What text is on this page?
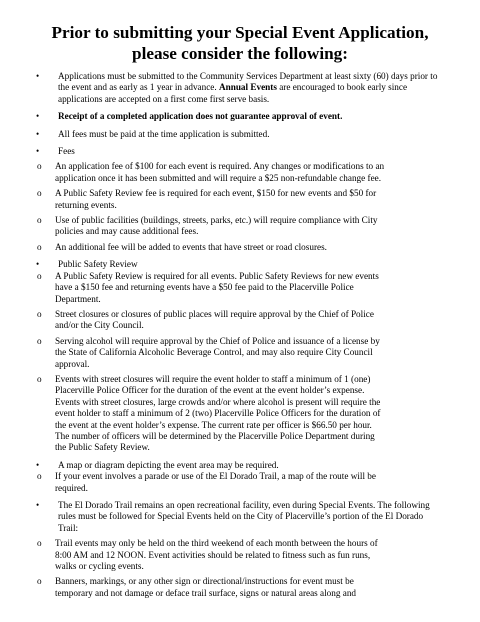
Prior to submitting your Special Event Application,
please consider the following:
• Applications must be submitted to the Community Services Department at least sixty (60) days prior to the event and as early as 1 year in advance. Annual Events are encouraged to book early since applications are accepted on a first come first serve basis.
• Receipt of a completed application does not guarantee approval of event.
• All fees must be paid at the time application is submitted.
• Fees
o An application fee of $100 for each event is required. Any changes or modifications to an application once it has been submitted and will require a $25 non-refundable change fee.
o A Public Safety Review fee is required for each event, $150 for new events and $50 for returning events.
o Use of public facilities (buildings, streets, parks, etc.) will require compliance with City policies and may cause additional fees.
o An additional fee will be added to events that have street or road closures.
• Public Safety Review
o A Public Safety Review is required for all events. Public Safety Reviews for new events have a $150 fee and returning events have a $50 fee paid to the Placerville Police Department.
o Street closures or closures of public places will require approval by the Chief of Police and/or the City Council.
o Serving alcohol will require approval by the Chief of Police and issuance of a license by the State of California Alcoholic Beverage Control, and may also require City Council approval.
o Events with street closures will require the event holder to staff a minimum of 1 (one) Placerville Police Officer for the duration of the event at the event holder’s expense. Events with street closures, large crowds and/or where alcohol is present will require the event holder to staff a minimum of 2 (two) Placerville Police Officers for the duration of the event at the event holder’s expense. The current rate per officer is $66.50 per hour. The number of officers will be determined by the Placerville Police Department during the Public Safety Review.
• A map or diagram depicting the event area may be required.
o If your event involves a parade or use of the El Dorado Trail, a map of the route will be required.
• The El Dorado Trail remains an open recreational facility, even during Special Events. The following rules must be followed for Special Events held on the City of Placerville’s portion of the El Dorado Trail:
o Trail events may only be held on the third weekend of each month between the hours of 8:00 AM and 12 NOON. Event activities should be related to fitness such as fun runs, walks or cycling events.
o Banners, markings, or any other sign or directional/instructions for event must be temporary and not damage or deface trail surface, signs or natural areas along and
